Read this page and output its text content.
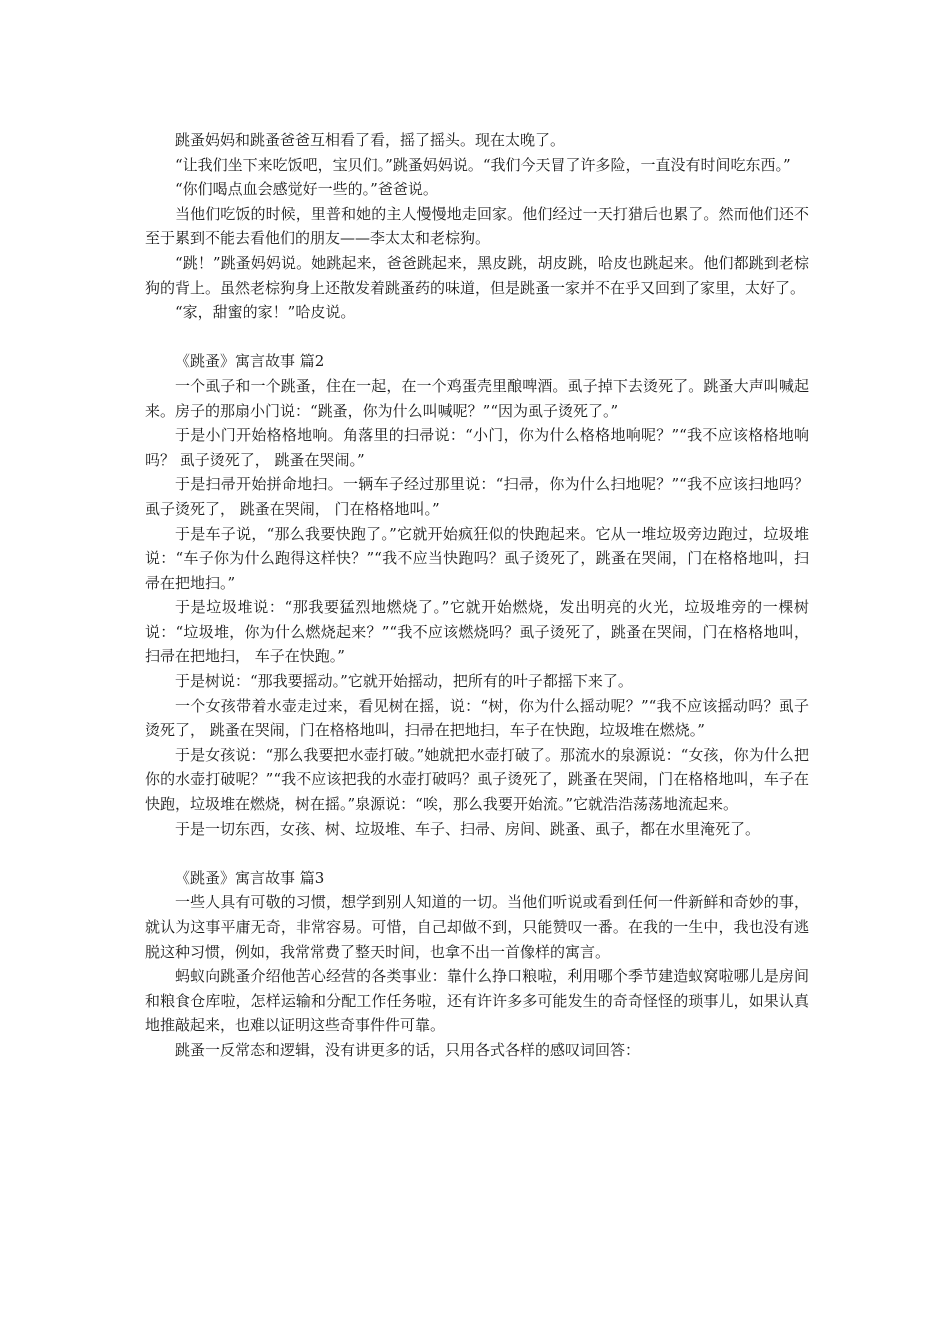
跳蚤妈妈和跳蚤爸爸互相看了看，摇了摇头。现在太晚了。

“让我们坐下来吃饭吧，宝贝们。”跳蚤妈妈说。“我们今天冒了许多险，一直没有时间吃东西。”

“你们喝点血会感觉好一些的。”爸爸说。

当他们吃饭的时候，里普和她的主人慢慢地走回家。他们经过一天打猎后也累了。然而他们还不至于累到不能去看他们的朋友——李太太和老棕狗。

“跳！”跳蚤妈妈说。她跳起来，爸爸跳起来，黑皮跳，胡皮跳，哈皮也跳起来。他们都跳到老棕狗的背上。虽然老棕狗身上还散发着跳蚤药的味道，但是跳蚤一家并不在乎又回到了家里，太好了。

“家，甜蜜的家！”哈皮说。

《跳蚤》寓言故事 篇2

一个虱子和一个跳蚤，住在一起，在一个鸡蛋壳里酿啤酒。虱子掉下去烫死了。跳蚤大声叫喊起来。房子的那扇小门说：“跳蚤，你为什么叫喊呢？”“因为虱子烫死了。”

于是小门开始格格地响。角落里的扫帚说：“小门，你为什么格格地响呢？”“我不应该格格地响吗？ 虱子烫死了， 跳蚤在哭闹。”

于是扫帚开始拼命地扫。一辆车子经过那里说：“扫帚，你为什么扫地呢？”“我不应该扫地吗？ 虱子烫死了， 跳蚤在哭闹， 门在格格地叫。”

于是车子说，“那么我要快跑了。”它就开始疯狂似的快跑起来。它从一堆垃圾旁边跑过，垃圾堆说：“车子你为什么跑得这样快？”“我不应当快跑吗？虱子烫死了，跳蚤在哭闹，门在格格地叫，扫帚在把地扫。”

于是垃圾堆说：“那我要猛烈地燃烧了。”它就开始燃烧，发出明亮的火光，垃圾堆旁的一棵树说：“垃圾堆，你为什么燃烧起来？”“我不应该燃烧吗？虱子烫死了，跳蚤在哭闹，门在格格地叫，扫帚在把地扫， 车子在快跑。”

于是树说：“那我要摇动。”它就开始摇动，把所有的叶子都摇下来了。

一个女孩带着水壶走过来，看见树在摇，说：“树，你为什么摇动呢？”“我不应该摇动吗？虱子烫死了， 跳蚤在哭闹，门在格格地叫，扫帚在把地扫，车子在快跑，垃圾堆在燃烧。”

于是女孩说：“那么我要把水壶打破。”她就把水壶打破了。那流水的泉源说：“女孩，你为什么把你的水壶打破呢？”“我不应该把我的水壶打破吗？虱子烫死了，跳蚤在哭闹，门在格格地叫，车子在快跑，垃圾堆在燃烧，树在摇。”泉源说：“唉，那么我要开始流。”它就浩浩荡荡地流起来。

于是一切东西，女孩、树、垃圾堆、车子、扫帚、房间、跳蚤、虱子，都在水里淹死了。

《跳蚤》寓言故事 篇3

一些人具有可敬的习惯，想学到别人知道的一切。当他们听说或看到任何一件新鲜和奇妙的事，就认为这事平庸无奇，非常容易。可惜，自己却做不到，只能赞叹一番。在我的一生中，我也没有逃脱这种习惯，例如，我常常费了整天时间，也拿不出一首像样的寓言。

蚂蚁向跳蚤介绍他苦心经营的各类事业：靠什么挣口粮啦，利用哪个季节建造蚁窝啦哪儿是房间和粮食仓库啦，怎样运输和分配工作任务啦，还有许许多多可能发生的奇奇怪怪的琐事儿，如果认真地推敲起来，也难以证明这些奇事件件可靠。

跳蚤一反常态和逻辑，没有讲更多的话，只用各式各样的感叹词回答：
